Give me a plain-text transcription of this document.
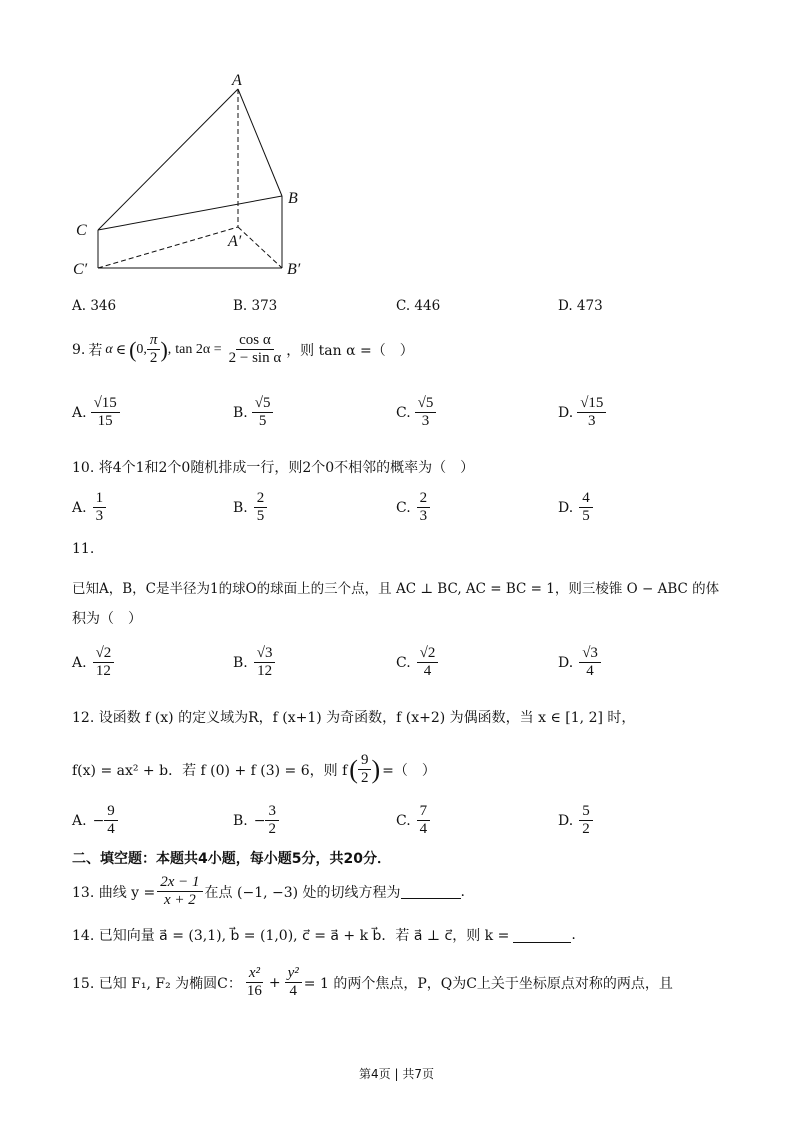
A
B
C
A′
B′
C′
A. 346	B. 373	C. 446	D. 473
9. 若 α ∈ ( 0, $\frac{\pi}{2}$ ) , $\tan 2\alpha = \frac{\text{cos α}}{\text{2 − sin α}}$ ，则 tan α =（　）
A. $\frac{√15}{15}$	B. $\frac{√5}{5}$	C. $\frac{√5}{3}$	D. $\frac{√15}{3}$
10. 将4个1和2个0随机排成一行，则2个0不相邻的概率为（　）
A. $\frac{1}{3}$	B. $\frac{2}{5}$	C. $\frac{2}{3}$	D. $\frac{4}{5}$
11.
已知A，B，C是半径为1的球O的球面上的三个点，且 AC ⊥ BC, AC = BC = 1，则三棱锥 O − ABC 的体
积为（　）
A. $\frac{√2}{12}$	B. $\frac{√3}{12}$	C. $\frac{√2}{4}$	D. $\frac{√3}{4}$
12. 设函数 f (x) 的定义域为R，f (x+1) 为奇函数，f (x+2) 为偶函数，当 x ∈ [1, 2] 时，
f(x) = ax² + b．若 f (0) + f (3) = 6，则 f ( $\frac{9}{2}$ ) =（　）
A. − $\frac{9}{4}$	B. − $\frac{3}{2}$	C. $\frac{7}{4}$	D. $\frac{5}{2}$
二、填空题：本题共4小题，每小题5分，共20分．
13. 曲线 $y = \frac{2x - 1}{x + 2}$ 在点 (−1, −3) 处的切线方程为	.
14. 已知向量 a⃗ = (3,1), b⃗ = (1,0), c⃗ = a⃗ + k b⃗．若 a⃗ ⊥ c⃗，则 k =	.
15. 已知 F₁, F₂ 为椭圆C： $\frac{\text{x²}}{16} + \frac{\text{y²}}{4} = 1$ 的两个焦点，P，Q为C上关于坐标原点对称的两点，且
第4页 | 共7页
